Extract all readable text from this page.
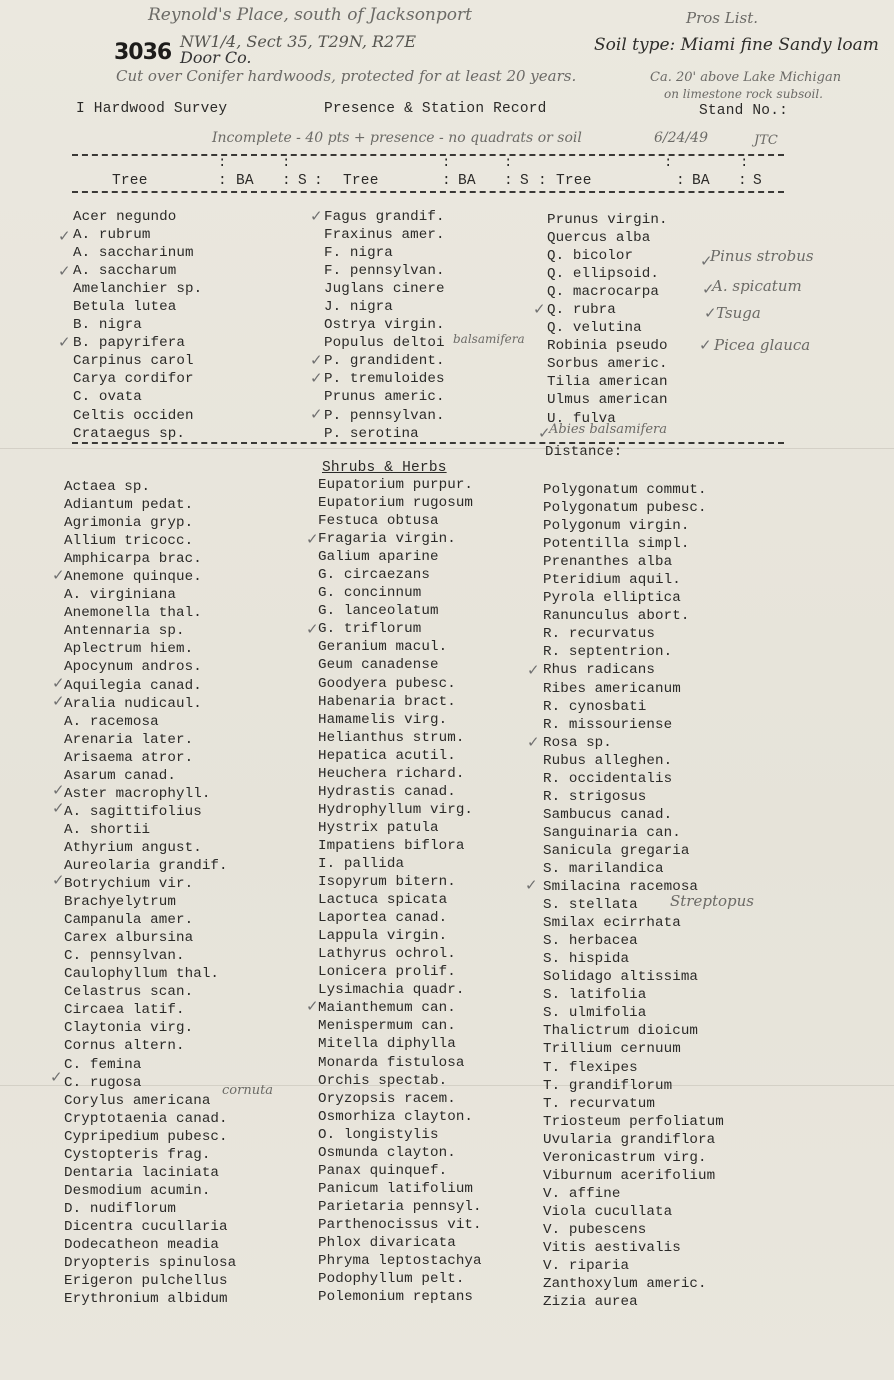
Reynold's Place, south of Jacksonport
3036 NW1/4, Sect 35, T29N, R27E
Door Co.
Cut over Conifer hardwoods, protected for at least 20 years.
Pros List.
Soil type: Miami fine Sandy loam
Ca. 20' above Lake Michigan
on limestone rock subsoil.
Incomplete - 40 pts + presence - no quadrats or soil	6/24/49	JTC
I Hardwood Survey	Presence & Station Record	Stand No.:
:	:	:	:	:	:
Tree	: BA : S : Tree	: BA : S : Tree	: BA : S
Acer negundo
A. rubrum
A. saccharinum
A. saccharum
Amelanchier sp.
Betula lutea
B. nigra
B. papyrifera
Carpinus carol
Carya cordifor
C. ovata
Celtis occiden
Crataegus sp.
Fagus grandif.
Fraxinus amer.
F. nigra
F. pennsylvan.
Juglans cinere
J. nigra
Ostrya virgin.
Populus deltoi
P. grandident.
P. tremuloides
Prunus americ.
P. pennsylvan.
P. serotina
Prunus virgin.
Quercus alba
Q. bicolor
Q. ellipsoid.
Q. macrocarpa
Q. rubra
Q. velutina
Robinia pseudo
Sorbus americ.
Tilia american
Ulmus american
U. fulva
Distance:
Shrubs & Herbs
Actaea sp.
Adiantum pedat.
Agrimonia gryp.
Allium tricocc.
Amphicarpa brac.
Anemone quinque.
A. virginiana
Anemonella thal.
Antennaria sp.
Aplectrum hiem.
Apocynum andros.
Aquilegia canad.
Aralia nudicaul.
A. racemosa
Arenaria later.
Arisaema atror.
Asarum canad.
Aster macrophyll.
A. sagittifolius
A. shortii
Athyrium angust.
Aureolaria grandif.
Botrychium vir.
Brachyelytrum
Campanula amer.
Carex albursina
C. pennsylvan.
Caulophyllum thal.
Celastrus scan.
Circaea latif.
Claytonia virg.
Cornus altern.
C. femina
C. rugosa
Corylus americana
Cryptotaenia canad.
Cypripedium pubesc.
Cystopteris frag.
Dentaria laciniata
Desmodium acumin.
D. nudiflorum
Dicentra cucullaria
Dodecatheon meadia
Dryopteris spinulosa
Erigeron pulchellus
Erythronium albidum
Eupatorium purpur.
Eupatorium rugosum
Festuca obtusa
Fragaria virgin.
Galium aparine
G. circaezans
G. concinnum
G. lanceolatum
G. triflorum
Geranium macul.
Geum canadense
Goodyera pubesc.
Habenaria bract.
Hamamelis virg.
Helianthus strum.
Hepatica acutil.
Heuchera richard.
Hydrastis canad.
Hydrophyllum virg.
Hystrix patula
Impatiens biflora
I. pallida
Isopyrum bitern.
Lactuca spicata
Laportea canad.
Lappula virgin.
Lathyrus ochrol.
Lonicera prolif.
Lysimachia quadr.
Maianthemum can.
Menispermum can.
Mitella diphylla
Monarda fistulosa
Orchis spectab.
Oryzopsis racem.
Osmorhiza clayton.
O. longistylis
Osmunda clayton.
Panax quinquef.
Panicum latifolium
Parietaria pennsyl.
Parthenocissus vit.
Phlox divaricata
Phryma leptostachya
Podophyllum pelt.
Polemonium reptans
Polygonatum commut.
Polygonatum pubesc.
Polygonum virgin.
Potentilla simpl.
Prenanthes alba
Pteridium aquil.
Pyrola elliptica
Ranunculus abort.
R. recurvatus
R. septentrion.
Rhus radicans
Ribes americanum
R. cynosbati
R. missouriense
Rosa sp.
Rubus alleghen.
R. occidentalis
R. strigosus
Sambucus canad.
Sanguinaria can.
Sanicula gregaria
S. marilandica
Smilacina racemosa
S. stellata
Smilax ecirrhata
S. herbacea
S. hispida
Solidago altissima
S. latifolia
S. ulmifolia
Thalictrum dioicum
Trillium cernuum
T. flexipes
T. grandiflorum
T. recurvatum
Triosteum perfoliatum
Uvularia grandiflora
Veronicastrum virg.
Viburnum acerifolium
V. affine
Viola cucullata
V. pubescens
Vitis aestivalis
V. riparia
Zanthoxylum americ.
Zizia aurea
balsamifera
Pinus strobus
A. spicatum
Tsuga
Picea glauca
Abies balsamifera
cornuta
Streptopus
✓
✓
✓
✓
✓
✓
✓
✓
✓
✓
✓
✓
✓
✓
✓
✓
✓
✓
✓
✓
✓
✓
✓
✓
✓
✓
